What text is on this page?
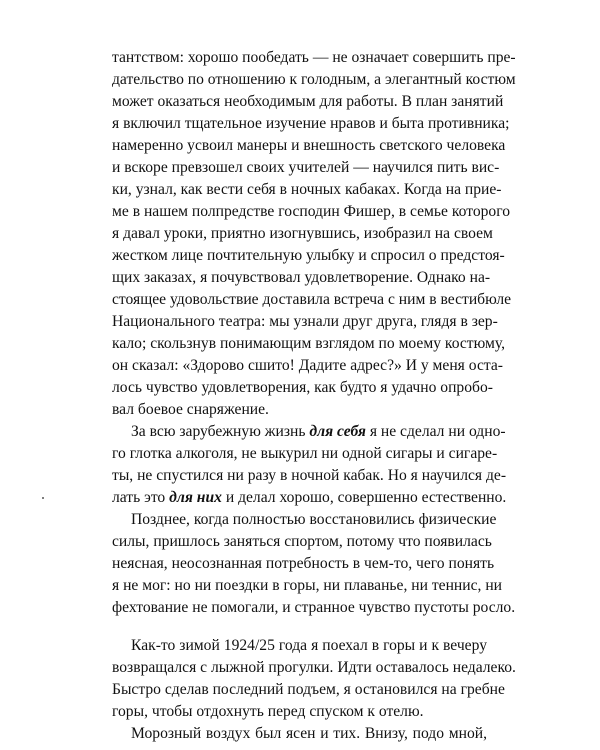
тантством: хорошо пообедать — не означает совершить пре-
дательство по отношению к голодным, а элегантный костюм
может оказаться необходимым для работы. В план занятий
я включил тщательное изучение нравов и быта противника;
намеренно усвоил манеры и внешность светского человека
и вскоре превзошел своих учителей — научился пить вис-
ки, узнал, как вести себя в ночных кабаках. Когда на прие-
ме в нашем полпредстве господин Фишер, в семье которого
я давал уроки, приятно изогнувшись, изобразил на своем
жестком лице почтительную улыбку и спросил о предстоя-
щих заказах, я почувствовал удовлетворение. Однако на-
стоящее удовольствие доставила встреча с ним в вестибюле
Национального театра: мы узнали друг друга, глядя в зер-
кало; скользнув понимающим взглядом по моему костюму,
он сказал: «Здорово сшито! Дадите адрес?» И у меня оста-
лось чувство удовлетворения, как будто я удачно опробо-
вал боевое снаряжение.
За всю зарубежную жизнь для себя я не сделал ни одно-
го глотка алкоголя, не выкурил ни одной сигары и сигаре-
ты, не спустился ни разу в ночной кабак. Но я научился де-
лать это для них и делал хорошо, совершенно естественно.
Позднее, когда полностью восстановились физические
силы, пришлось заняться спортом, потому что появилась
неясная, неосознанная потребность в чем-то, чего понять
я не мог: но ни поездки в горы, ни плаванье, ни теннис, ни
фехтование не помогали, и странное чувство пустоты росло.
Как-то зимой 1924/25 года я поехал в горы и к вечеру
возвращался с лыжной прогулки. Идти оставалось недалеко.
Быстро сделав последний подъем, я остановился на гребне
горы, чтобы отдохнуть перед спуском к отелю.
Морозный воздух был ясен и тих. Внизу, подо мной,
